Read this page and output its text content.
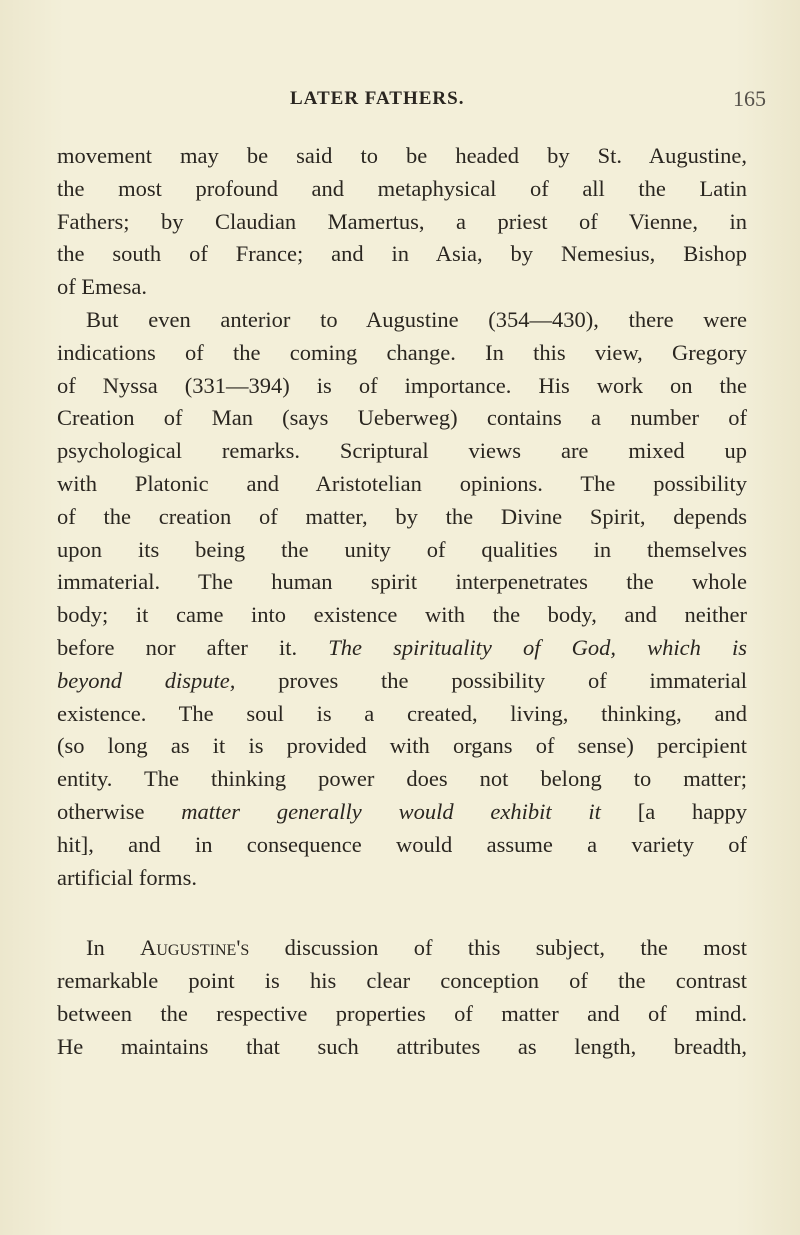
LATER FATHERS.	165
movement may be said to be headed by St. Augustine,
the most profound and metaphysical of all the Latin
Fathers; by Claudian Mamertus, a priest of Vienne, in
the south of France; and in Asia, by Nemesius, Bishop
of Emesa.
But even anterior to Augustine (354—430), there were
indications of the coming change. In this view, Gregory
of Nyssa (331—394) is of importance. His work on the
Creation of Man (says Ueberweg) contains a number of
psychological remarks. Scriptural views are mixed up
with Platonic and Aristotelian opinions. The possibility
of the creation of matter, by the Divine Spirit, depends
upon its being the unity of qualities in themselves
immaterial. The human spirit interpenetrates the whole
body; it came into existence with the body, and neither
before nor after it. The spirituality of God, which is
beyond dispute, proves the possibility of immaterial
existence. The soul is a created, living, thinking, and
(so long as it is provided with organs of sense) percipient
entity. The thinking power does not belong to matter;
otherwise matter generally would exhibit it [a happy
hit], and in consequence would assume a variety of
artificial forms.
In Augustine's discussion of this subject, the most
remarkable point is his clear conception of the contrast
between the respective properties of matter and of mind.
He maintains that such attributes as length, breadth,
